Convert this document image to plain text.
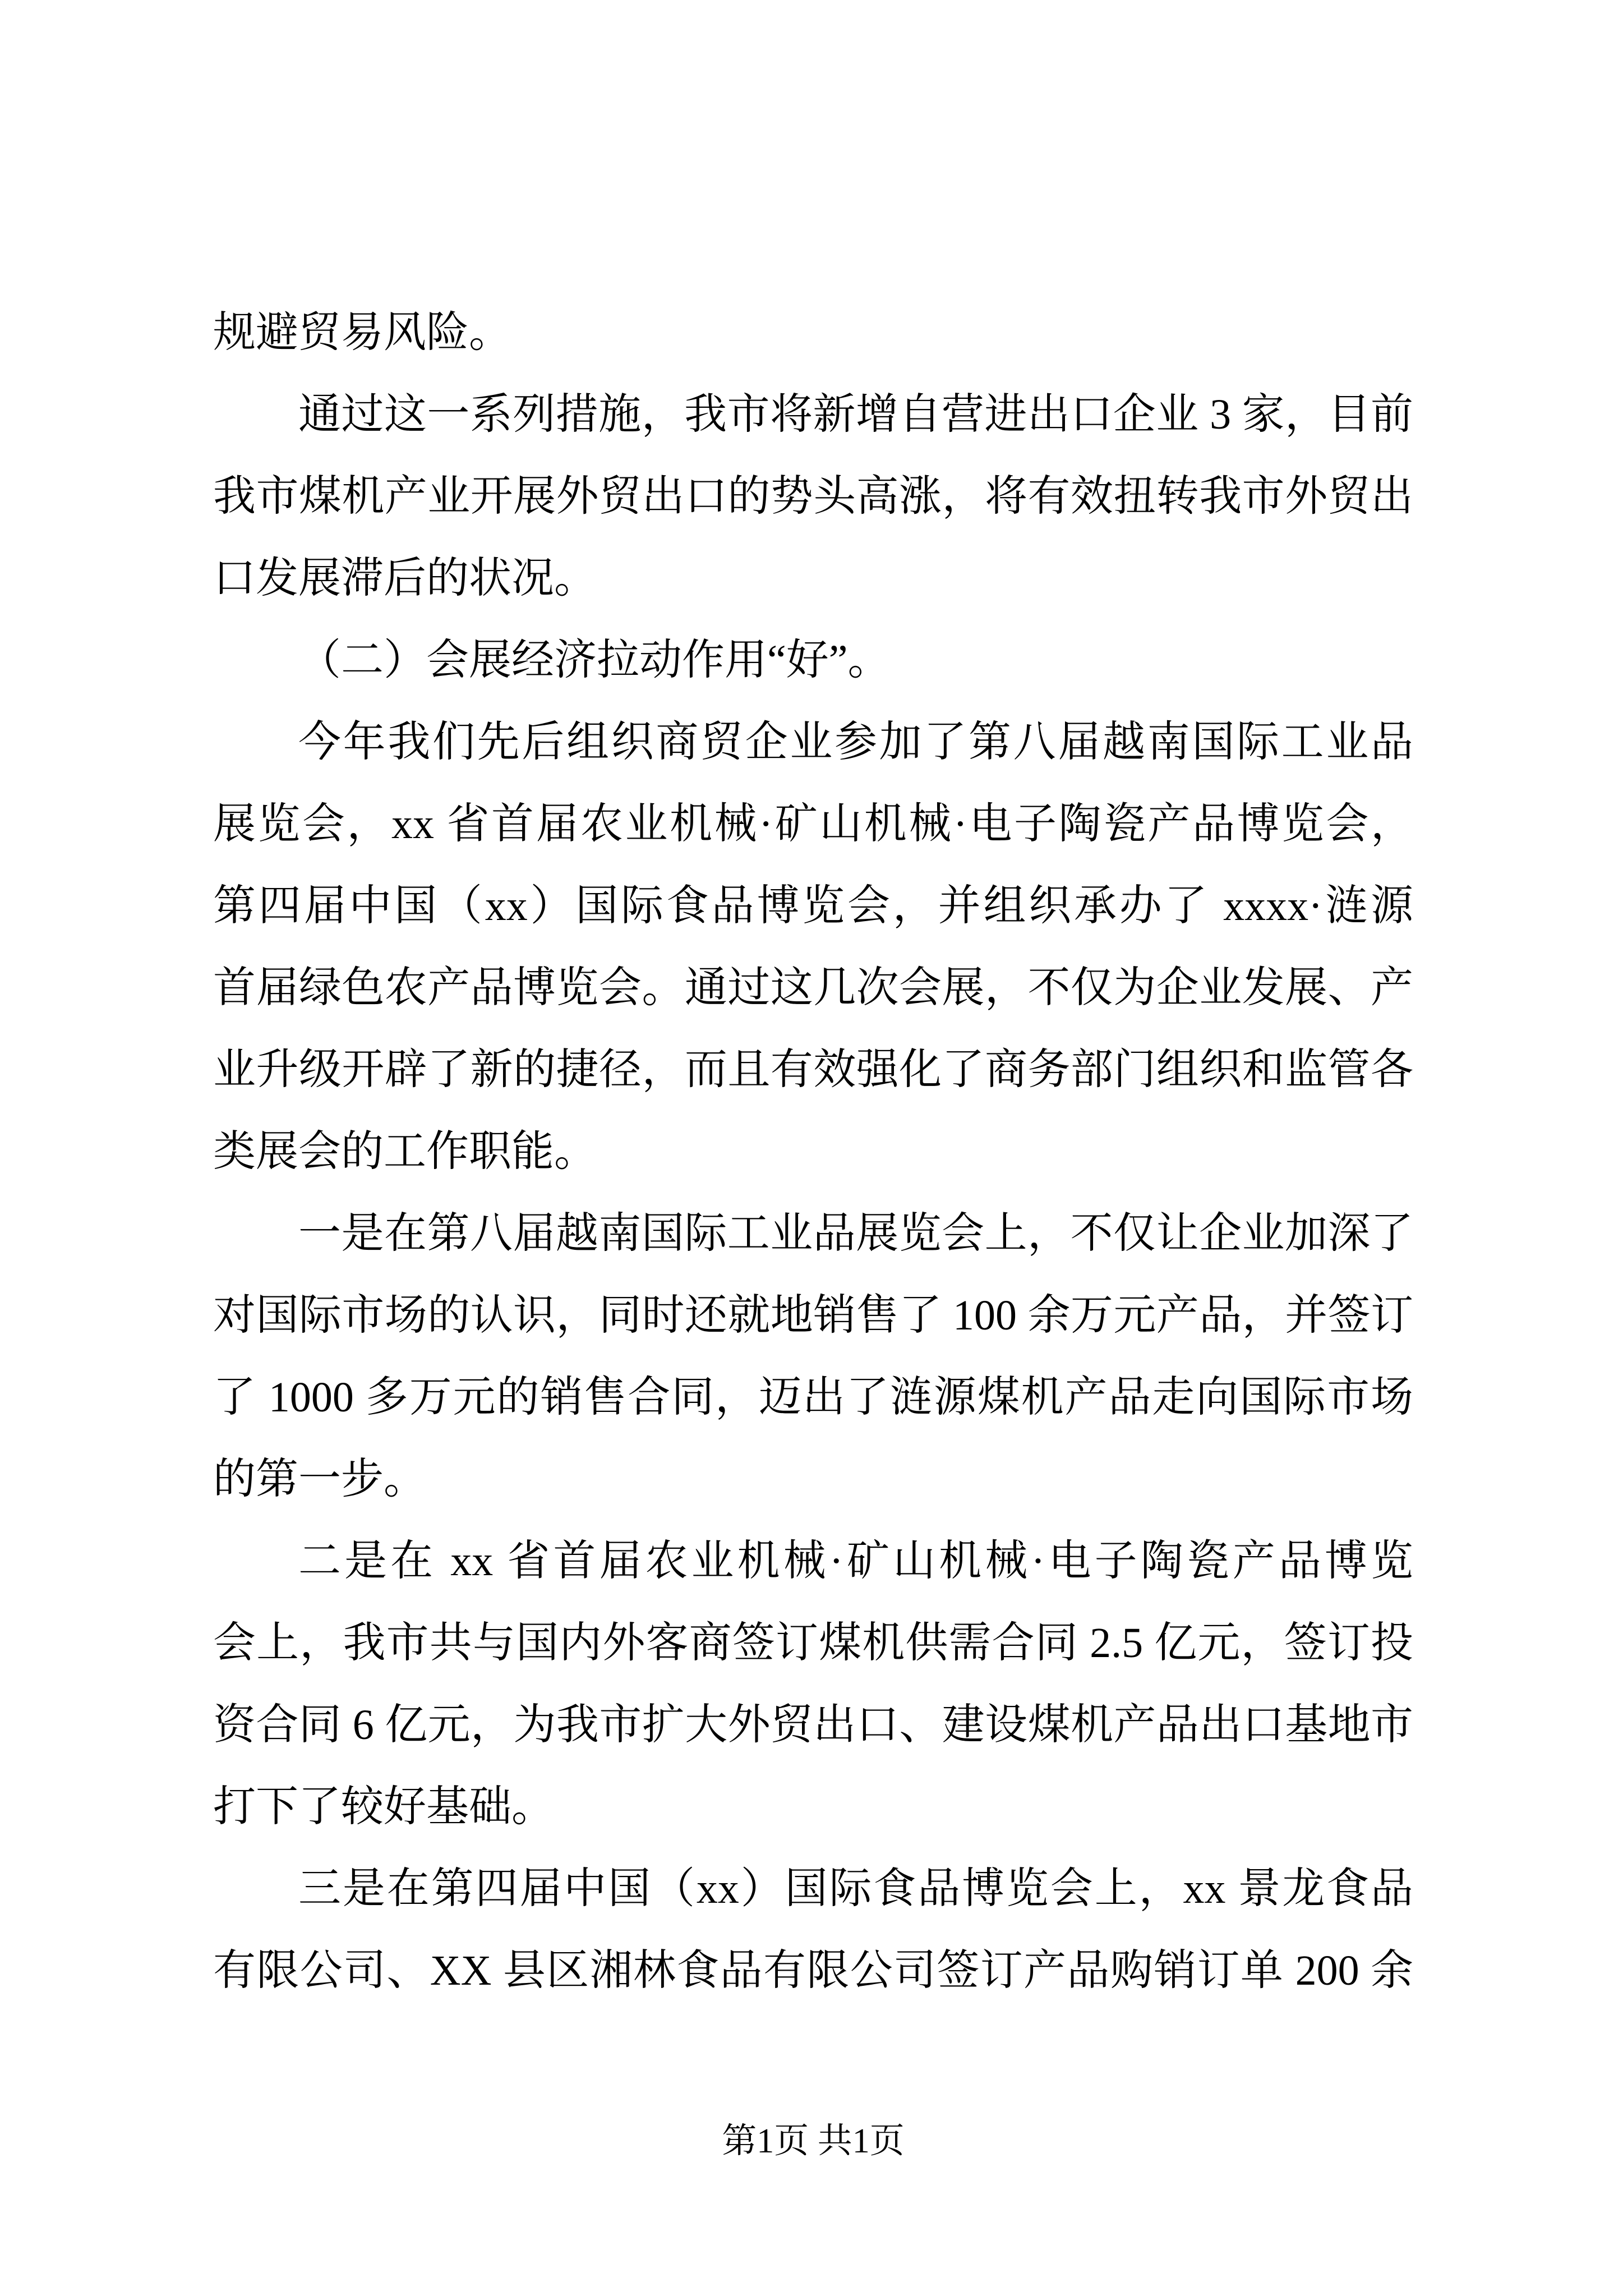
规避贸易风险。
通过这一系列措施，我市将新增自营进出口企业 3 家，目前
我市煤机产业开展外贸出口的势头高涨，将有效扭转我市外贸出
口发展滞后的状况。
（二）会展经济拉动作用“好”。
今年我们先后组织商贸企业参加了第八届越南国际工业品
展览会，xx 省首届农业机械·矿山机械·电子陶瓷产品博览会，
第四届中国（xx）国际食品博览会，并组织承办了 xxxx·涟源
首届绿色农产品博览会。通过这几次会展，不仅为企业发展、产
业升级开辟了新的捷径，而且有效强化了商务部门组织和监管各
类展会的工作职能。
一是在第八届越南国际工业品展览会上，不仅让企业加深了
对国际市场的认识，同时还就地销售了 100 余万元产品，并签订
了 1000 多万元的销售合同，迈出了涟源煤机产品走向国际市场
的第一步。
二是在 xx 省首届农业机械·矿山机械·电子陶瓷产品博览
会上，我市共与国内外客商签订煤机供需合同 2.5 亿元，签订投
资合同 6 亿元，为我市扩大外贸出口、建设煤机产品出口基地市
打下了较好基础。
三是在第四届中国（xx）国际食品博览会上，xx 景龙食品
有限公司、XX 县区湘林食品有限公司签订产品购销订单 200 余
第1页 共1页
